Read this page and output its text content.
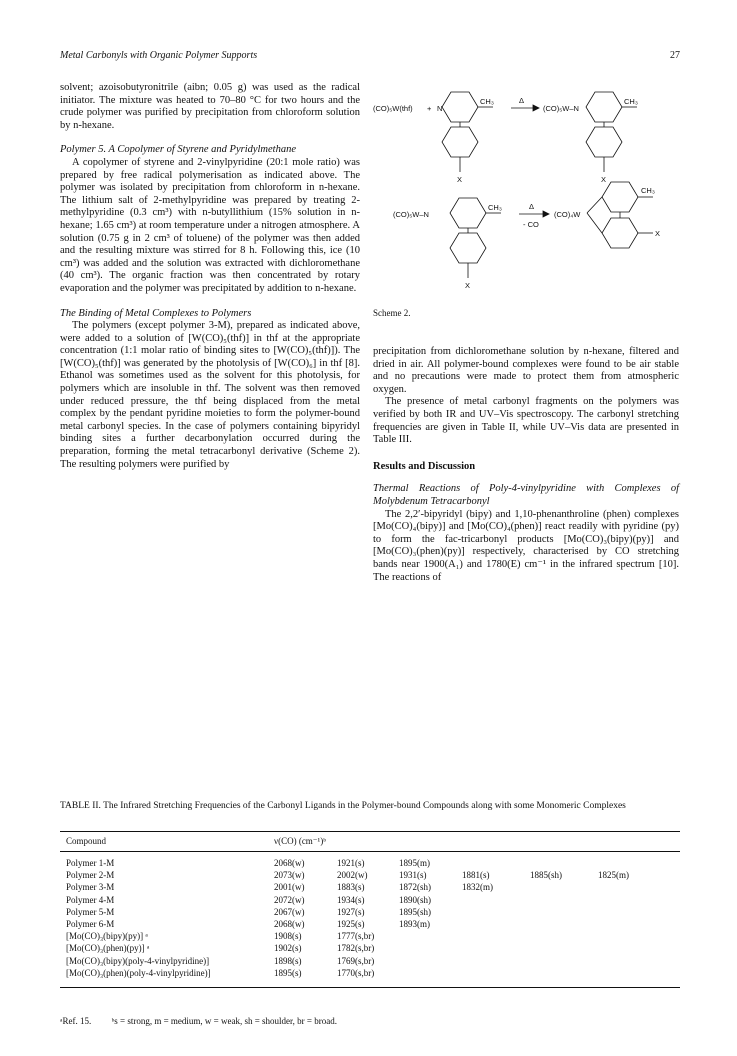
Metal Carbonyls with Organic Polymer Supports	27

solvent; azoisobutyronitrile (aibn; 0.05 g) was used as the radical initiator. The mixture was heated to 70–80 °C for two hours and the crude polymer was purified by precipitation from chloroform solution by n-hexane.

Polymer 5. A Copolymer of Styrene and Pyridylmethane

A copolymer of styrene and 2-vinylpyridine (20:1 mole ratio) was prepared by free radical polymerisation as indicated above. The polymer was isolated by precipitation from chloroform in n-hexane. The lithium salt of 2-methylpyridine was prepared by treating 2-methylpyridine (0.3 cm³) with n-butyllithium (15% solution in n-hexane; 1.65 cm³) at room temperature under a nitrogen atmosphere. A solution (0.75 g in 2 cm³ of toluene) of the polymer was then added and the resulting mixture was stirred for 8 h. Following this, ice (10 cm³) was added and the solution was extracted with dichloromethane (40 cm³). The organic fraction was then concentrated by rotary evaporation and the polymer was precipitated by addition to n-hexane.

The Binding of Metal Complexes to Polymers

The polymers (except polymer 3-M), prepared as indicated above, were added to a solution of [W(CO)₅(thf)] in thf at the appropriate concentration (1:1 molar ratio of binding sites to [W(CO)₅(thf)]). The [W(CO)₅(thf)] was generated by the photolysis of [W(CO)₆] in thf [8]. Ethanol was sometimes used as the solvent for this photolysis, for polymers which are insoluble in thf. The solvent was then removed under reduced pressure, the thf being displaced from the metal complex by the pendant pyridine moieties to form the polymer-bound metal carbonyl species. In the case of polymers containing bipyridyl binding sites a further decarbonylation occurred during the preparation, forming the metal tetracarbonyl derivative (Scheme 2). The resulting polymers were purified by

(CO)₅W(thf) + N
CH₃
X
Δ
(CO)₅W–N
CH₃
X
(CO)₅W–N
CH₃
X
Δ
- CO
(CO)₄W
CH₃
X
Scheme 2.

precipitation from dichloromethane solution by n-hexane, filtered and dried in air. All polymer-bound complexes were found to be air stable and no precautions were made to protect them from atmospheric oxygen.

The presence of metal carbonyl fragments on the polymers was verified by both IR and UV–Vis spectroscopy. The carbonyl stretching frequencies are given in Table II, while UV–Vis data are presented in Table III.

Results and Discussion

Thermal Reactions of Poly-4-vinylpyridine with Complexes of Molybdenum Tetracarbonyl

The 2,2′-bipyridyl (bipy) and 1,10-phenanthroline (phen) complexes [Mo(CO)₄(bipy)] and [Mo(CO)₄(phen)] react readily with pyridine (py) to form the fac-tricarbonyl products [Mo(CO)₃(bipy)(py)] and [Mo(CO)₃(phen)(py)] respectively, characterised by CO stretching bands near 1900(A₁) and 1780(E) cm⁻¹ in the infrared spectrum [10]. The reactions of

TABLE II. The Infrared Stretching Frequencies of the Carbonyl Ligands in the Polymer-bound Compounds along with some Monomeric Complexes
Compound	ν(CO) (cm⁻¹)ᵇ
Polymer 1-M	2068(w)	1921(s)	1895(m)
Polymer 2-M	2073(w)	2002(w)	1931(s)	1881(s)	1885(sh)	1825(m)
Polymer 3-M	2001(w)	1883(s)	1872(sh)	1832(m)
Polymer 4-M	2072(w)	1934(s)	1890(sh)
Polymer 5-M	2067(w)	1927(s)	1895(sh)
Polymer 6-M	2068(w)	1925(s)	1893(m)
[Mo(CO)₃(bipy)(py)] ᵃ	1908(s)	1777(s,br)
[Mo(CO)₃(phen)(py)] ᵃ	1902(s)	1782(s,br)
[Mo(CO)₃(bipy)(poly-4-vinylpyridine)]	1898(s)	1769(s,br)
[Mo(CO)₃(phen)(poly-4-vinylpyridine)]	1895(s)	1770(s,br)
ᵃRef. 15. ᵇs = strong, m = medium, w = weak, sh = shoulder, br = broad.
